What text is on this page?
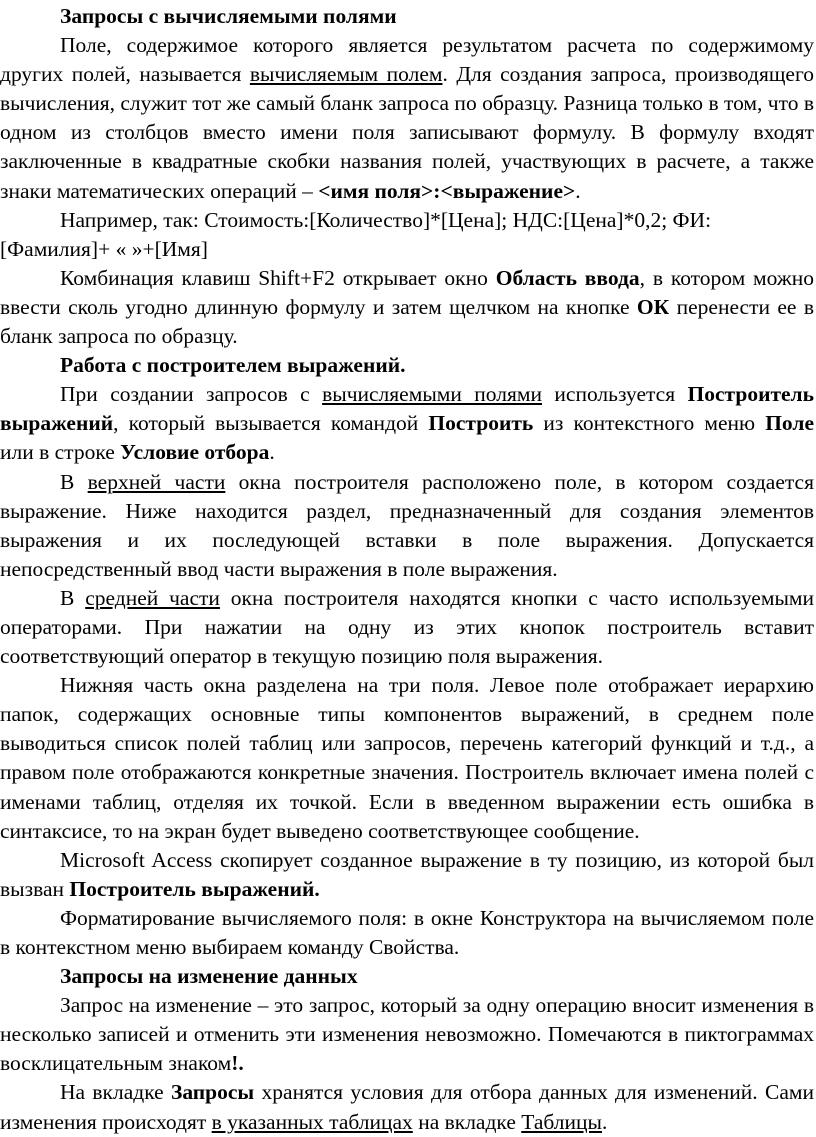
Запросы с вычисляемыми полями

Поле, содержимое которого является результатом расчета по содержимому других полей, называется вычисляемым полем. Для создания запроса, производящего вычисления, служит тот же самый бланк запроса по образцу. Разница только в том, что в одном из столбцов вместо имени поля записывают формулу. В формулу входят заключенные в квадратные скобки названия полей, участвующих в расчете, а также знаки математических операций – <имя поля>:<выражение>.

Например, так: Стоимость:[Количество]*[Цена]; НДС:[Цена]*0,2; ФИ:[Фамилия]+ « »+[Имя]

Комбинация клавиш Shift+F2 открывает окно Область ввода, в котором можно ввести сколь угодно длинную формулу и затем щелчком на кнопке ОК перенести ее в бланк запроса по образцу.

Работа с построителем выражений.

При создании запросов с вычисляемыми полями используется Построитель выражений, который вызывается командой Построить из контекстного меню Поле или в строке Условие отбора.

В верхней части окна построителя расположено поле, в котором создается выражение. Ниже находится раздел, предназначенный для создания элементов выражения и их последующей вставки в поле выражения. Допускается непосредственный ввод части выражения в поле выражения.

В средней части окна построителя находятся кнопки с часто используемыми операторами. При нажатии на одну из этих кнопок построитель вставит соответствующий оператор в текущую позицию поля выражения.

Нижняя часть окна разделена на три поля. Левое поле отображает иерархию папок, содержащих основные типы компонентов выражений, в среднем поле выводиться список полей таблиц или запросов, перечень категорий функций и т.д., а правом поле отображаются конкретные значения. Построитель включает имена полей с именами таблиц, отделяя их точкой. Если в введенном выражении есть ошибка в синтаксисе, то на экран будет выведено соответствующее сообщение.

Microsoft Access скопирует созданное выражение в ту позицию, из которой был вызван Построитель выражений.

Форматирование вычисляемого поля: в окне Конструктора на вычисляемом поле в контекстном меню выбираем команду Свойства.

Запросы на изменение данных

Запрос на изменение – это запрос, который за одну операцию вносит изменения в несколько записей и отменить эти изменения невозможно. Помечаются в пиктограммах восклицательным знаком!.

На вкладке Запросы хранятся условия для отбора данных для изменений. Сами изменения происходят в указанных таблицах на вкладке Таблицы.
